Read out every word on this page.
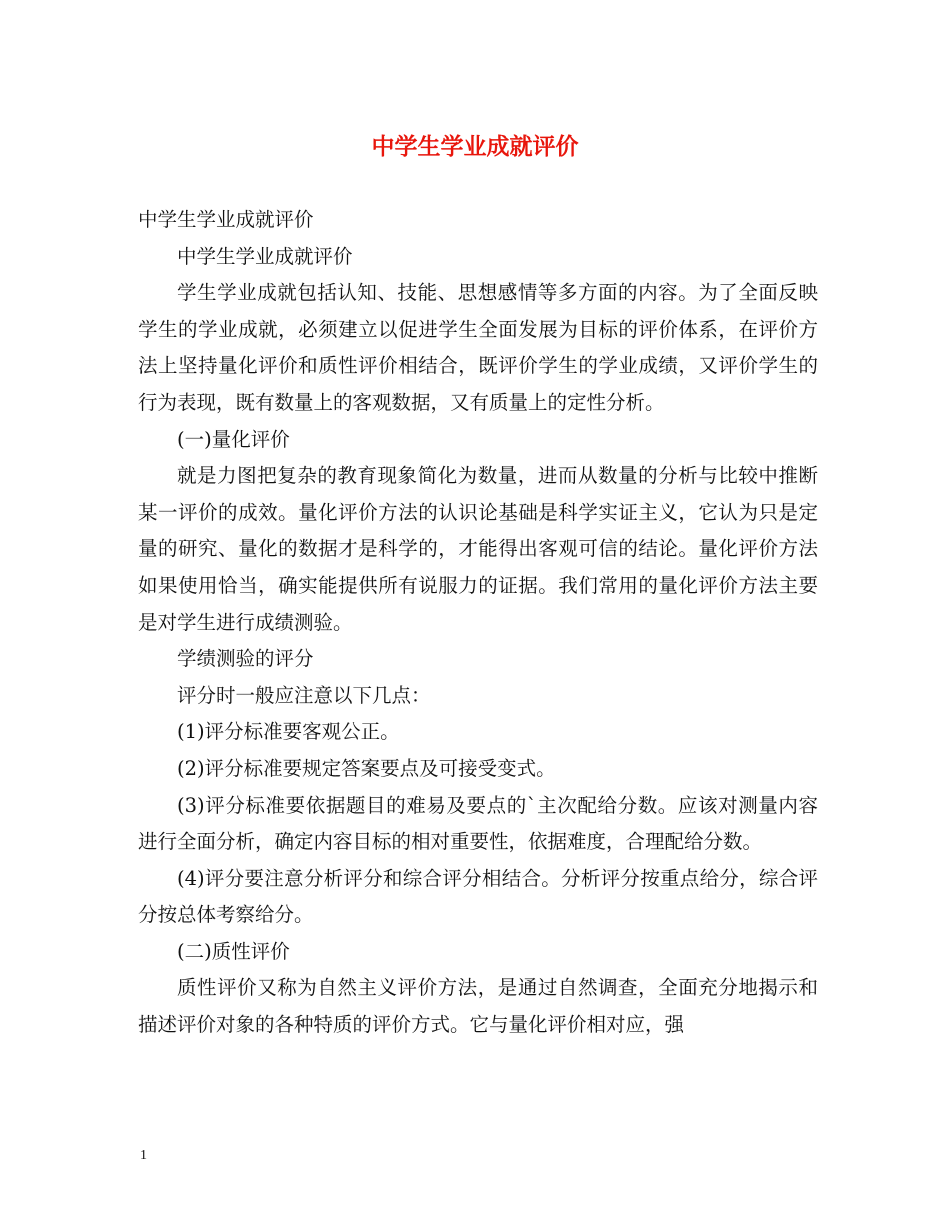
中学生学业成就评价

中学生学业成就评价

中学生学业成就评价

学生学业成就包括认知、技能、思想感情等多方面的内容。为了全面反映学生的学业成就，必须建立以促进学生全面发展为目标的评价体系，在评价方法上坚持量化评价和质性评价相结合，既评价学生的学业成绩，又评价学生的行为表现，既有数量上的客观数据，又有质量上的定性分析。

(一)量化评价

就是力图把复杂的教育现象简化为数量，进而从数量的分析与比较中推断某一评价的成效。量化评价方法的认识论基础是科学实证主义，它认为只是定量的研究、量化的数据才是科学的，才能得出客观可信的结论。量化评价方法如果使用恰当，确实能提供所有说服力的证据。我们常用的量化评价方法主要是对学生进行成绩测验。

学绩测验的评分

评分时一般应注意以下几点：

(1)评分标准要客观公正。

(2)评分标准要规定答案要点及可接受变式。

(3)评分标准要依据题目的难易及要点的`主次配给分数。应该对测量内容进行全面分析，确定内容目标的相对重要性，依据难度，合理配给分数。

(4)评分要注意分析评分和综合评分相结合。分析评分按重点给分，综合评分按总体考察给分。

(二)质性评价

质性评价又称为自然主义评价方法，是通过自然调查，全面充分地揭示和描述评价对象的各种特质的评价方式。它与量化评价相对应，强

1
